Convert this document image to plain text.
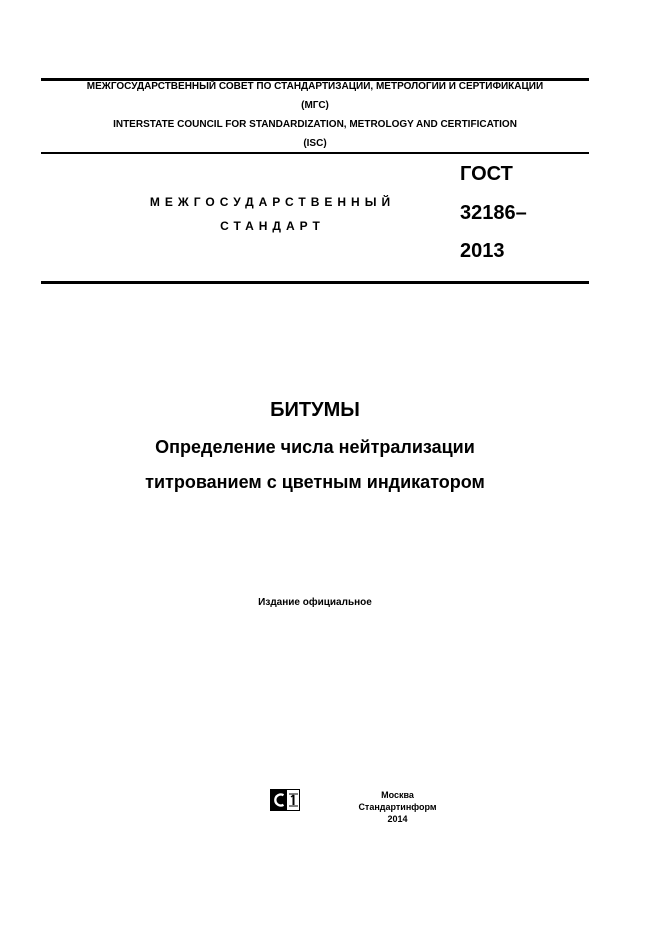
МЕЖГОСУДАРСТВЕННЫЙ СОВЕТ ПО СТАНДАРТИЗАЦИИ, МЕТРОЛОГИИ И СЕРТИФИКАЦИИ
(МГС)
INTERSTATE COUNCIL FOR STANDARDIZATION, METROLOGY AND CERTIFICATION
(ISC)
МЕЖГОСУДАРСТВЕННЫЙ
СТАНДАРТ
ГОСТ
32186–
2013
БИТУМЫ
Определение числа нейтрализации
титрованием с цветным индикатором
Издание официальное
Москва
Стандартинформ
2014
